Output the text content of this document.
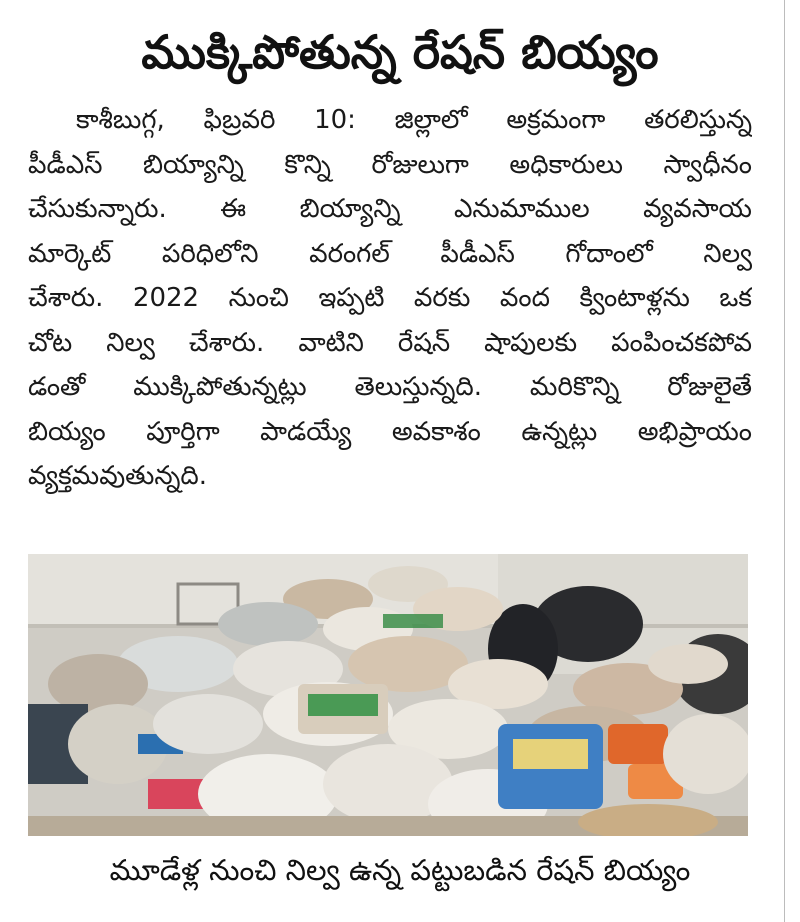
ముక్కిపోతున్న రేషన్‌ బియ్యం
కాశీబుగ్గ, ఫిబ్రవరి 10: జిల్లాలో అక్రమంగా తరలిస్తున్న
పీడీఎస్‌ బియ్యాన్ని కొన్ని రోజులుగా అధికారులు స్వాధీనం
చేసుకున్నారు. ఈ బియ్యాన్ని ఎనుమాముల వ్యవసాయ
మార్కెట్‌ పరిధిలోని వరంగల్‌ పీడీఎస్‌ గోదాంలో నిల్వ
చేశారు. 2022 నుంచి ఇప్పటి వరకు వంద క్వింటాళ్లను ఒక
చోట నిల్వ చేశారు. వాటిని రేషన్‌ షాపులకు పంపించకపోవ
డంతో ముక్కిపోతున్నట్లు తెలుస్తున్నది. మరికొన్ని రోజులైతే
బియ్యం పూర్తిగా పాడయ్యే అవకాశం ఉన్నట్లు అభిప్రాయం
వ్యక్తమవుతున్నది.
మూడేళ్ల నుంచి నిల్వ ఉన్న పట్టుబడిన రేషన్‌ బియ్యం
